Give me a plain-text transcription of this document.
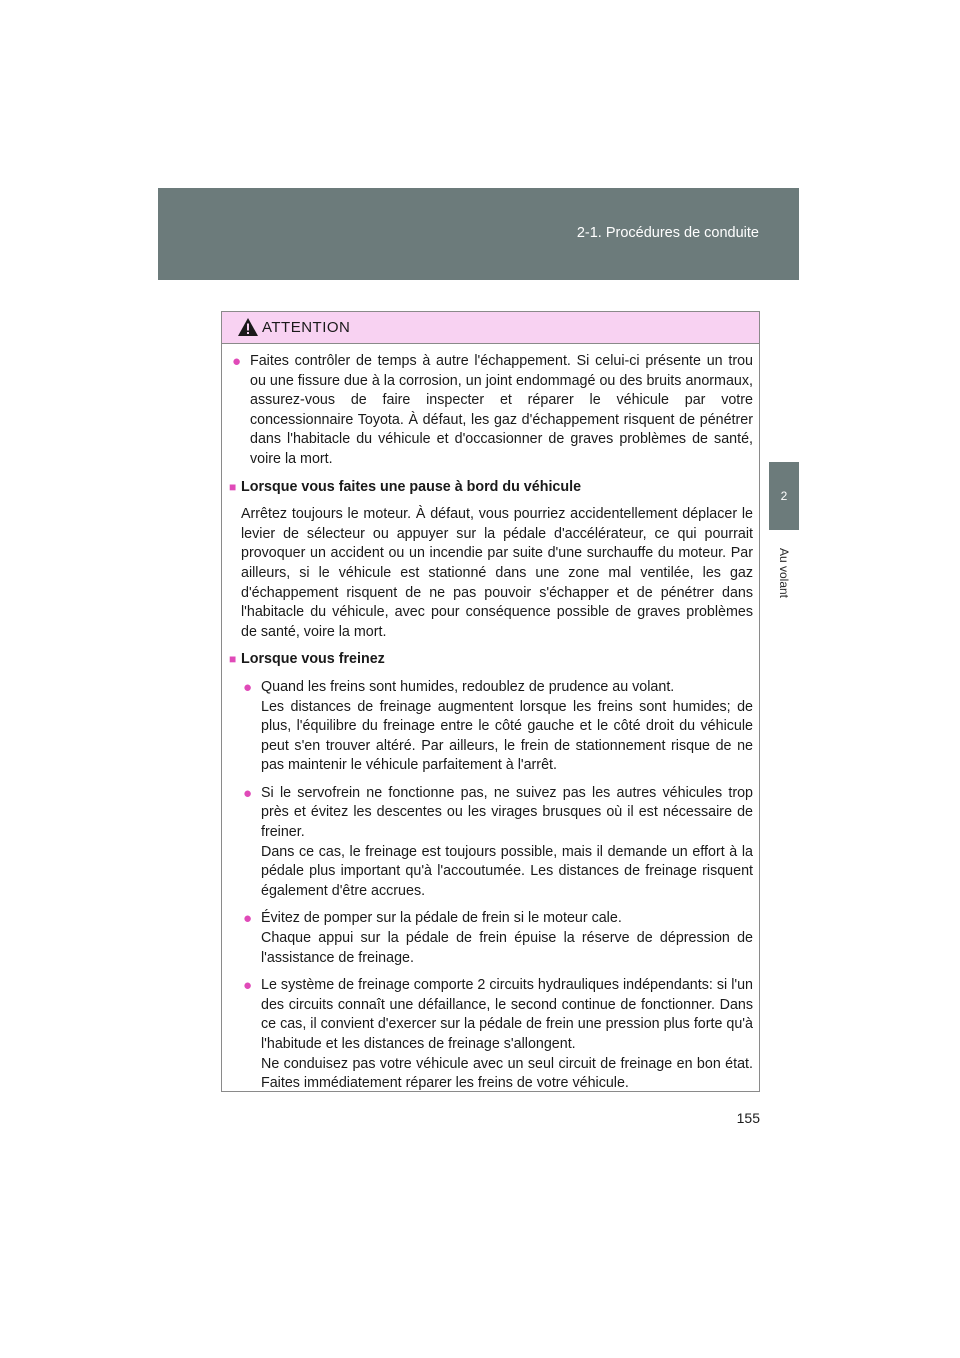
2-1. Procédures de conduite
2
Au volant
ATTENTION
● Faites contrôler de temps à autre l'échappement. Si celui-ci présente un trou ou une fissure due à la corrosion, un joint endommagé ou des bruits anormaux, assurez-vous de faire inspecter et réparer le véhicule par votre concessionnaire Toyota. À défaut, les gaz d'échappement risquent de pénétrer dans l'habitacle du véhicule et d'occasionner de graves problèmes de santé, voire la mort.
■ Lorsque vous faites une pause à bord du véhicule
Arrêtez toujours le moteur. À défaut, vous pourriez accidentellement déplacer le levier de sélecteur ou appuyer sur la pédale d'accélérateur, ce qui pourrait provoquer un accident ou un incendie par suite d'une surchauffe du moteur. Par ailleurs, si le véhicule est stationné dans une zone mal ventilée, les gaz d'échappement risquent de ne pas pouvoir s'échapper et de pénétrer dans l'habitacle du véhicule, avec pour conséquence possible de graves problèmes de santé, voire la mort.
■ Lorsque vous freinez
● Quand les freins sont humides, redoublez de prudence au volant.
Les distances de freinage augmentent lorsque les freins sont humides; de plus, l'équilibre du freinage entre le côté gauche et le côté droit du véhicule peut s'en trouver altéré. Par ailleurs, le frein de stationnement risque de ne pas maintenir le véhicule parfaitement à l'arrêt.
● Si le servofrein ne fonctionne pas, ne suivez pas les autres véhicules trop près et évitez les descentes ou les virages brusques où il est nécessaire de freiner.
Dans ce cas, le freinage est toujours possible, mais il demande un effort à la pédale plus important qu'à l'accoutumée. Les distances de freinage risquent également d'être accrues.
● Évitez de pomper sur la pédale de frein si le moteur cale.
Chaque appui sur la pédale de frein épuise la réserve de dépression de l'assistance de freinage.
● Le système de freinage comporte 2 circuits hydrauliques indépendants: si l'un des circuits connaît une défaillance, le second continue de fonctionner. Dans ce cas, il convient d'exercer sur la pédale de frein une pression plus forte qu'à l'habitude et les distances de freinage s'allongent.
Ne conduisez pas votre véhicule avec un seul circuit de freinage en bon état. Faites immédiatement réparer les freins de votre véhicule.
155
